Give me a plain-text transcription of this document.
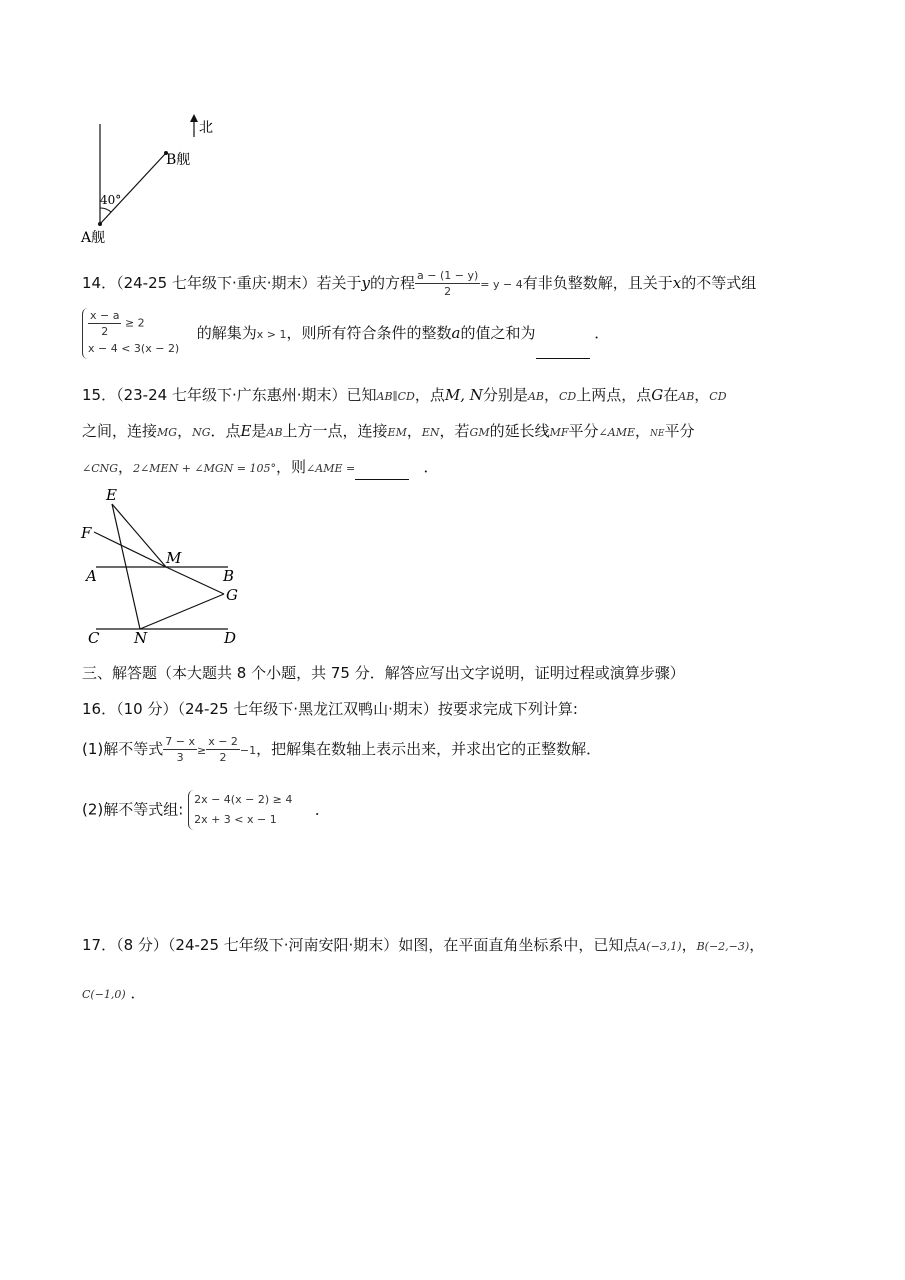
40°
北
B舰
A舰
14．（24-25 七年级下·重庆·期末）若关于y的方程 $\frac{a - (1 - y)}{2} = y - 4$有非负整数解，且关于x的不等式组
$\frac{x - a}{2} \ge 2$
x − 4 < 3(x − 2)
的解集为x > 1，则所有符合条件的整数a的值之和为	．
15．（23-24 七年级下·广东惠州·期末）已知AB∥CD，点M, N分别是AB，CD上两点，点G在AB，CD
之间，连接MG，NG．点E是AB上方一点，连接EM，EN，若GM的延长线MF平分∠AME，NE平分
∠CNG，2∠MEN + ∠MGN = 105°，则∠AME =	．
E
F
M
A	B
G
C N	D
三、解答题（本大题共 8 个小题，共 75 分．解答应写出文字说明，证明过程或演算步骤）
16．（10 分）（24-25 七年级下·黑龙江双鸭山·期末）按要求完成下列计算:
(1)解不等式 $\frac{7 - x}{3} \ge \frac{x - 2}{2} -1$，把解集在数轴上表示出来，并求出它的正整数解．
(2)解不等式组:
2x − 4(x − 2) ≥ 4
2x + 3 < x − 1
．
17．（8 分）（24-25 七年级下·河南安阳·期末）如图，在平面直角坐标系中，已知点A(−3,1)，B(−2,−3)，
C(−1,0) ．
